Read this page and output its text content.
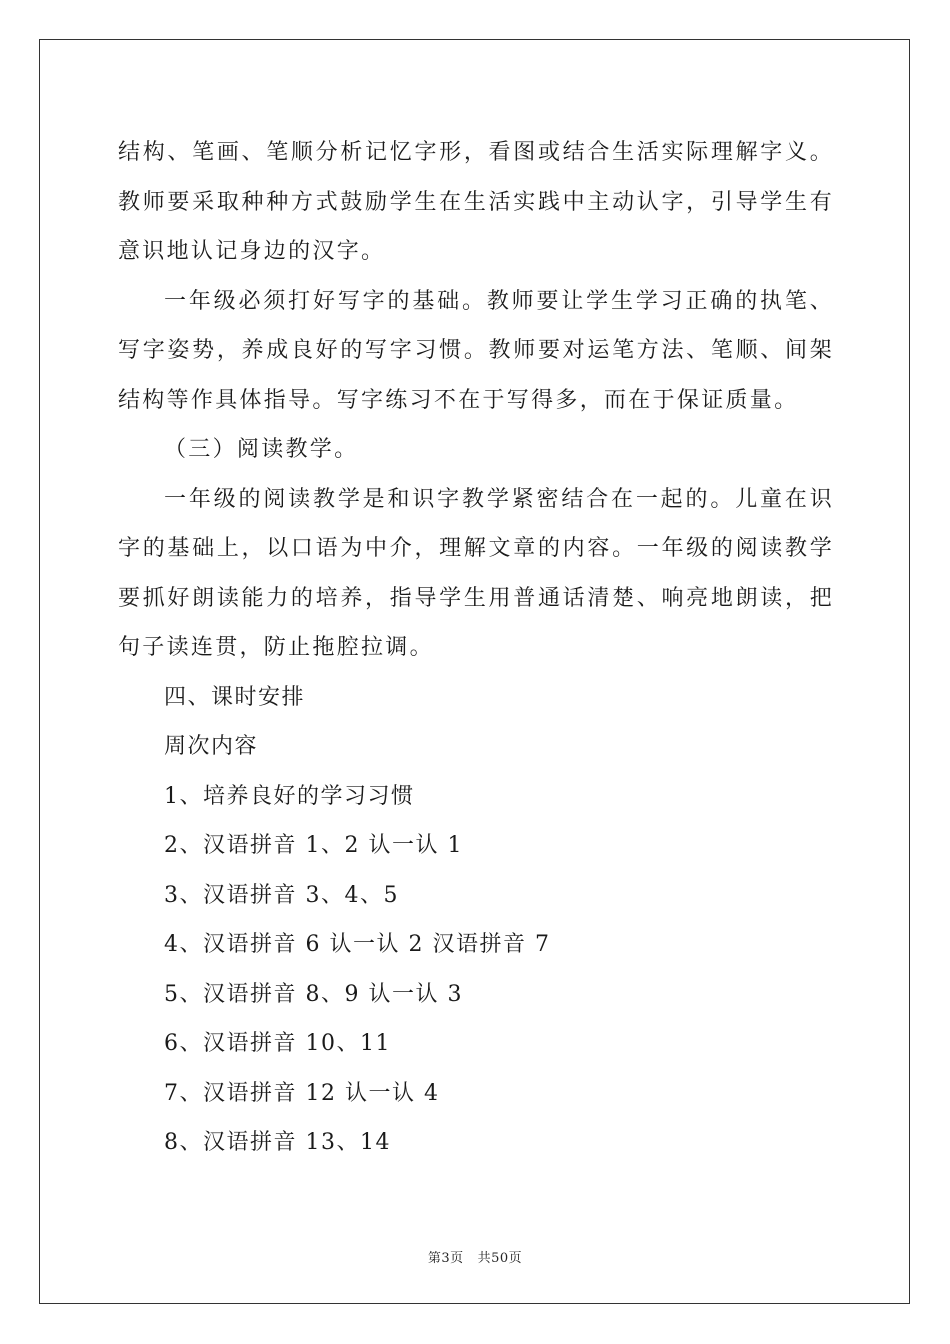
结构、笔画、笔顺分析记忆字形，看图或结合生活实际理解字义。教师要采取种种方式鼓励学生在生活实践中主动认字，引导学生有意识地认记身边的汉字。

一年级必须打好写字的基础。教师要让学生学习正确的执笔、写字姿势，养成良好的写字习惯。教师要对运笔方法、笔顺、间架结构等作具体指导。写字练习不在于写得多，而在于保证质量。

（三）阅读教学。

一年级的阅读教学是和识字教学紧密结合在一起的。儿童在识字的基础上，以口语为中介，理解文章的内容。一年级的阅读教学要抓好朗读能力的培养，指导学生用普通话清楚、响亮地朗读，把句子读连贯，防止拖腔拉调。

四、课时安排

周次内容

1、培养良好的学习习惯

2、汉语拼音 1、2 认一认 1

3、汉语拼音 3、4、5

4、汉语拼音 6 认一认 2 汉语拼音 7

5、汉语拼音 8、9 认一认 3

6、汉语拼音 10、11

7、汉语拼音 12 认一认 4

8、汉语拼音 13、14

第3页 共50页
